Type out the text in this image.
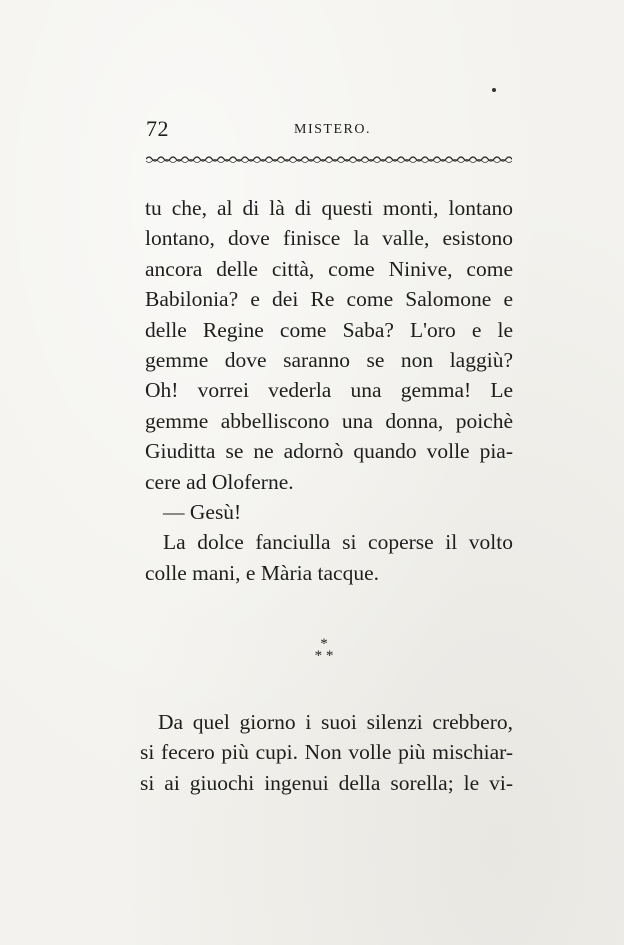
72	MISTERO.
tu che, al di là di questi monti, lontano
lontano, dove finisce la valle, esistono
ancora delle città, come Ninive, come
Babilonia? e dei Re come Salomone e
delle Regine come Saba? L'oro e le
gemme dove saranno se non laggiù?
Oh! vorrei vederla una gemma! Le
gemme abbelliscono una donna, poichè
Giuditta se ne adornò quando volle pia-
cere ad Oloferne.
— Gesù!
La dolce fanciulla si coperse il volto
colle mani, e Mària tacque.
*
* *
Da quel giorno i suoi silenzi crebbero,
si fecero più cupi. Non volle più mischiar-
si ai giuochi ingenui della sorella; le vi-
